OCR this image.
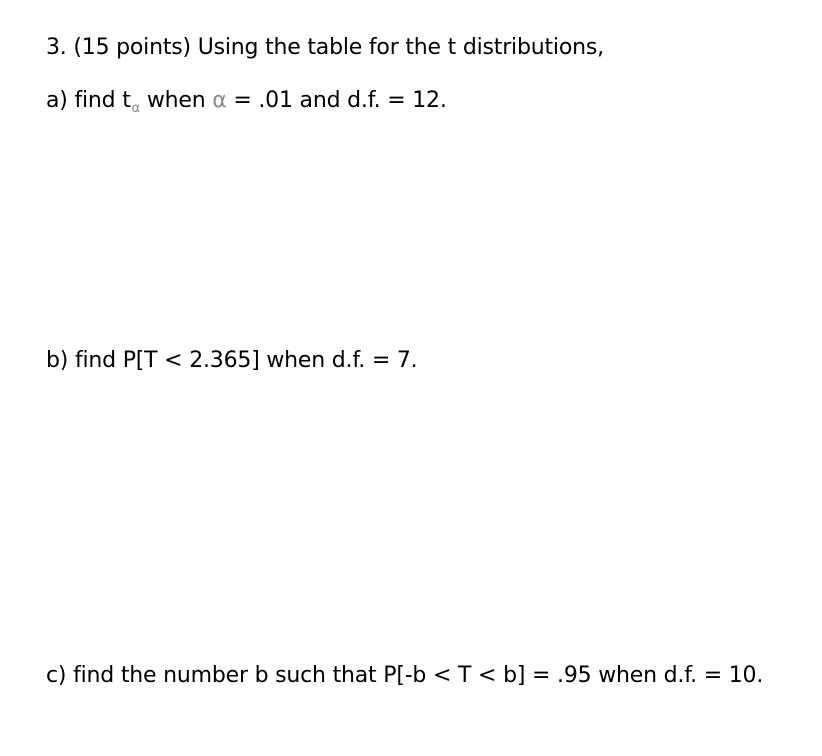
3. (15 points) Using the table for the t distributions,
a) find $t_\alpha$ when α = .01 and d.f. = 12.
b) find P[T < 2.365] when d.f. = 7.
c) find the number b such that P[-b < T < b] = .95 when d.f. = 10.
